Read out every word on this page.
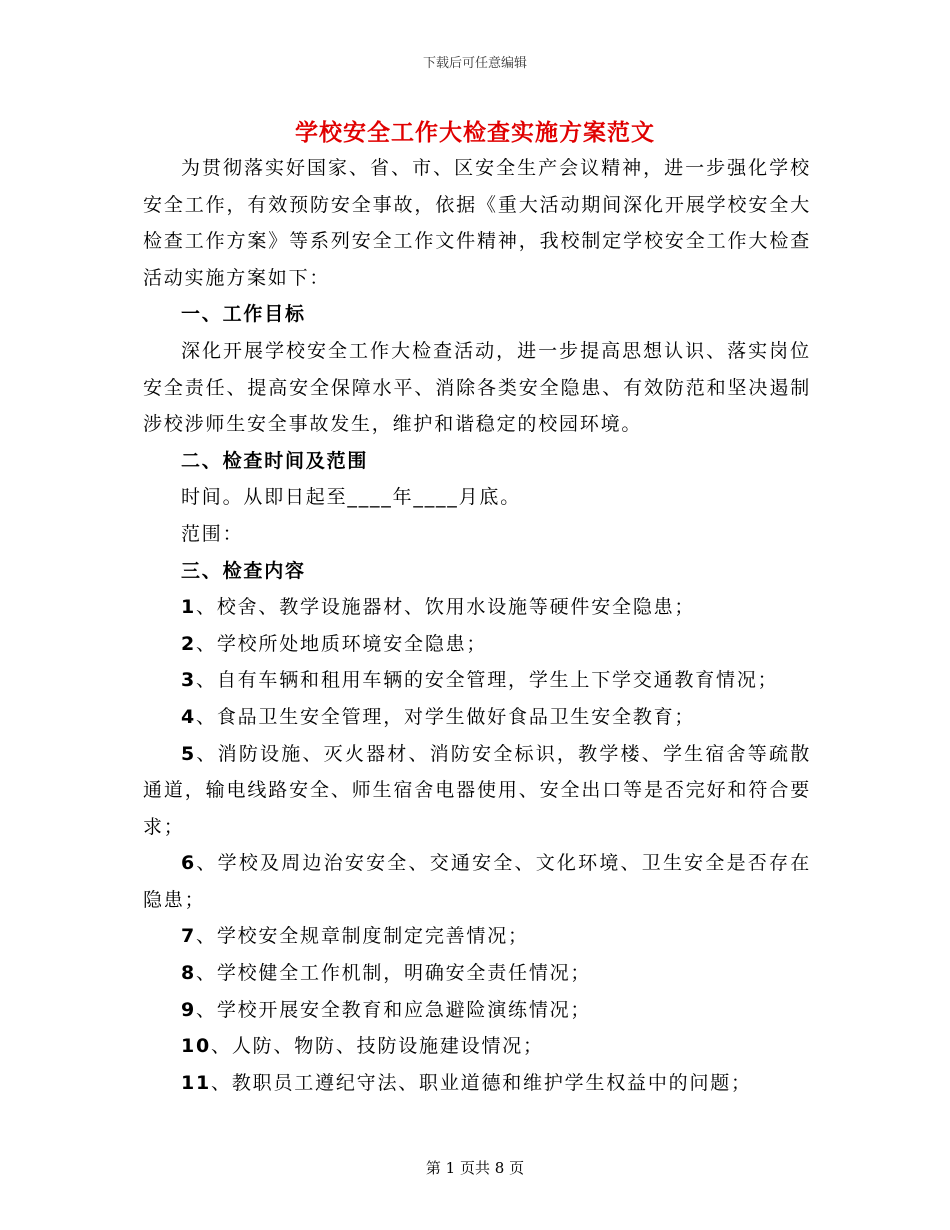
下载后可任意编辑
学校安全工作大检查实施方案范文

为贯彻落实好国家、省、市、区安全生产会议精神，进一步强化学校安全工作，有效预防安全事故，依据《重大活动期间深化开展学校安全大检查工作方案》等系列安全工作文件精神，我校制定学校安全工作大检查活动实施方案如下：

一、工作目标

深化开展学校安全工作大检查活动，进一步提高思想认识、落实岗位安全责任、提高安全保障水平、消除各类安全隐患、有效防范和坚决遏制涉校涉师生安全事故发生，维护和谐稳定的校园环境。

二、检查时间及范围

时间。从即日起至____年____月底。

范围：

三、检查内容

1、校舍、教学设施器材、饮用水设施等硬件安全隐患；

2、学校所处地质环境安全隐患；

3、自有车辆和租用车辆的安全管理，学生上下学交通教育情况；

4、食品卫生安全管理，对学生做好食品卫生安全教育；

5、消防设施、灭火器材、消防安全标识，教学楼、学生宿舍等疏散通道，输电线路安全、师生宿舍电器使用、安全出口等是否完好和符合要求；

6、学校及周边治安安全、交通安全、文化环境、卫生安全是否存在隐患；

7、学校安全规章制度制定完善情况；

8、学校健全工作机制，明确安全责任情况；

9、学校开展安全教育和应急避险演练情况；

10、人防、物防、技防设施建设情况；

11、教职员工遵纪守法、职业道德和维护学生权益中的问题；

第 1 页共 8 页
